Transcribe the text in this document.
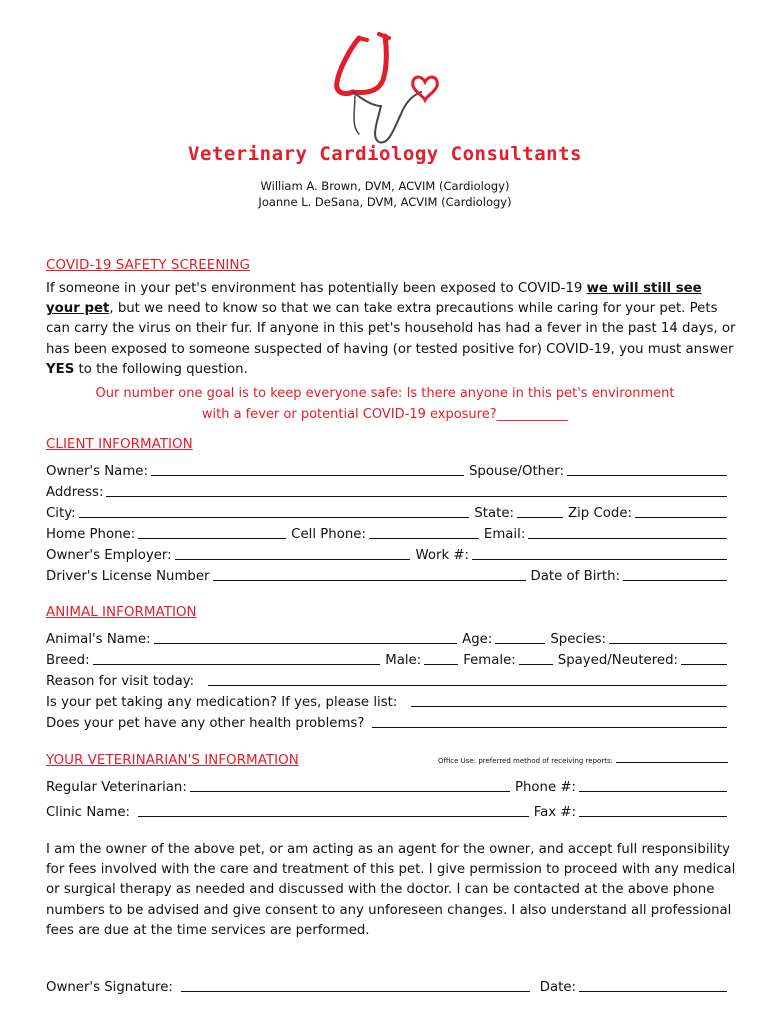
Veterinary Cardiology Consultants
William A. Brown, DVM, ACVIM (Cardiology)
Joanne L. DeSana, DVM, ACVIM (Cardiology)
COVID-19 SAFETY SCREENING

If someone in your pet's environment has potentially been exposed to COVID-19 we will still see your pet, but we need to know so that we can take extra precautions while caring for your pet. Pets can carry the virus on their fur. If anyone in this pet's household has had a fever in the past 14 days, or has been exposed to someone suspected of having (or tested positive for) COVID-19, you must answer YES to the following question.

Our number one goal is to keep everyone safe: Is there anyone in this pet's environment
with a fever or potential COVID-19 exposure?___________
CLIENT INFORMATION
Owner's Name:	Spouse/Other:
Address:
City:	State:	Zip Code:
Home Phone:	Cell Phone:	Email:
Owner's Employer:	Work #:
Driver's License Number	Date of Birth:
ANIMAL INFORMATION
Animal's Name:	Age:	Species:
Breed:	Male:	Female:	Spayed/Neutered:
Reason for visit today:
Is your pet taking any medication? If yes, please list:
Does your pet have any other health problems?
YOUR VETERINARIAN'S INFORMATION	Office Use: preferred method of receiving reports:
Regular Veterinarian:	Phone #:
Clinic Name:	Fax #:

I am the owner of the above pet, or am acting as an agent for the owner, and accept full responsibility for fees involved with the care and treatment of this pet. I give permission to proceed with any medical or surgical therapy as needed and discussed with the doctor. I can be contacted at the above phone numbers to be advised and give consent to any unforeseen changes. I also understand all professional fees are due at the time services are performed.

Owner's Signature:	Date:
